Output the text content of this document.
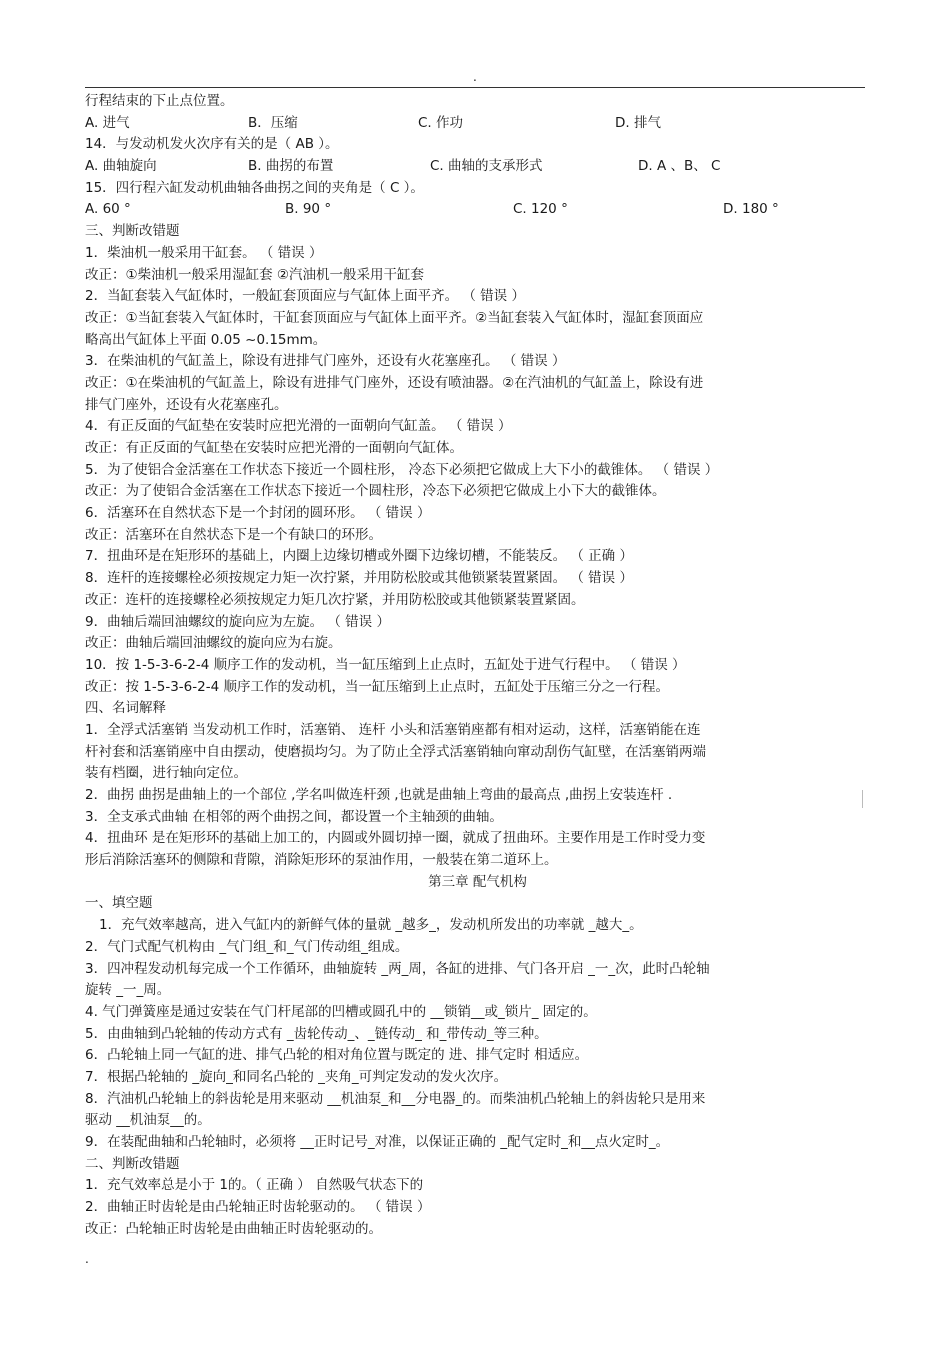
.
行程结束的下止点位置。
A. 进气	B．压缩	C. 作功	D. 排气
14．与发动机发火次序有关的是（ AB ）。
A. 曲轴旋向	B. 曲拐的布置	C. 曲轴的支承形式	D. A 、B、 C
15．四行程六缸发动机曲轴各曲拐之间的夹角是（ C ）。
A. 60 °	B. 90 °	C. 120 °	D. 180 °
三、判断改错题
1．柴油机一般采用干缸套。 （ 错误 ）
改正：①柴油机一般采用湿缸套 ②汽油机一般采用干缸套
2．当缸套装入气缸体时，一般缸套顶面应与气缸体上面平齐。 （ 错误 ）
改正：①当缸套装入气缸体时，干缸套顶面应与气缸体上面平齐。②当缸套装入气缸体时，湿缸套顶面应
略高出气缸体上平面 0.05 ~0.15mm。
3．在柴油机的气缸盖上，除设有进排气门座外，还设有火花塞座孔。 （ 错误 ）
改正：①在柴油机的气缸盖上，除设有进排气门座外，还设有喷油器。②在汽油机的气缸盖上，除设有进
排气门座外，还设有火花塞座孔。
4．有正反面的气缸垫在安装时应把光滑的一面朝向气缸盖。 （ 错误 ）
改正：有正反面的气缸垫在安装时应把光滑的一面朝向气缸体。
5．为了使铝合金活塞在工作状态下接近一个圆柱形， 冷态下必须把它做成上大下小的截锥体。 （ 错误 ）
改正：为了使铝合金活塞在工作状态下接近一个圆柱形，冷态下必须把它做成上小下大的截锥体。
6．活塞环在自然状态下是一个封闭的圆环形。 （ 错误 ）
改正：活塞环在自然状态下是一个有缺口的环形。
7．扭曲环是在矩形环的基础上，内圈上边缘切槽或外圈下边缘切槽，不能装反。 （ 正确 ）
8．连杆的连接螺栓必须按规定力矩一次拧紧，并用防松胶或其他锁紧装置紧固。 （ 错误 ）
改正：连杆的连接螺栓必须按规定力矩几次拧紧，并用防松胶或其他锁紧装置紧固。
9．曲轴后端回油螺纹的旋向应为左旋。 （ 错误 ）
改正：曲轴后端回油螺纹的旋向应为右旋。
10．按 1-5-3-6-2-4 顺序工作的发动机，当一缸压缩到上止点时，五缸处于进气行程中。 （ 错误 ）
改正：按 1-5-3-6-2-4 顺序工作的发动机，当一缸压缩到上止点时，五缸处于压缩三分之一行程。
四、名词解释
1．全浮式活塞销 当发动机工作时，活塞销、 连杆 小头和活塞销座都有相对运动，这样，活塞销能在连
杆衬套和活塞销座中自由摆动，使磨损均匀。为了防止全浮式活塞销轴向窜动刮伤气缸壁，在活塞销两端
装有档圈，进行轴向定位。
2．曲拐 曲拐是曲轴上的一个部位 ,学名叫做连杆颈 ,也就是曲轴上弯曲的最高点 ,曲拐上安装连杆 .
3．全支承式曲轴 在相邻的两个曲拐之间，都设置一个主轴颈的曲轴。
4．扭曲环 是在矩形环的基础上加工的，内圆或外圆切掉一圈，就成了扭曲环。主要作用是工作时受力变
形后消除活塞环的侧隙和背隙，消除矩形环的泵油作用，一般装在第二道环上。
第三章 配气机构
一、填空题
1．充气效率越高，进入气缸内的新鲜气体的量就 _越多_，发动机所发出的功率就 _越大_。
2．气门式配气机构由 _气门组_和_气门传动组_组成。
3．四冲程发动机每完成一个工作循环，曲轴旋转 _两_周，各缸的进排、气门各开启 _一_次，此时凸轮轴
旋转 _一_周。
4. 气门弹簧座是通过安装在气门杆尾部的凹槽或圆孔中的 __锁销__或_锁片_ 固定的。
5．由曲轴到凸轮轴的传动方式有 _齿轮传动_、_链传动_ 和_带传动_等三种。
6．凸轮轴上同一气缸的进、排气凸轮的相对角位置与既定的 进、排气定时 相适应。
7．根据凸轮轴的 _旋向_和同名凸轮的 _夹角_可判定发动的发火次序。
8．汽油机凸轮轴上的斜齿轮是用来驱动 __机油泵_和__分电器_的。而柴油机凸轮轴上的斜齿轮只是用来
驱动 __机油泵__的。
9．在装配曲轴和凸轮轴时，必须将 __正时记号_对准，以保证正确的 _配气定时_和__点火定时_。
二、判断改错题
1．充气效率总是小于 1的。（ 正确 ） 自然吸气状态下的
2．曲轴正时齿轮是由凸轮轴正时齿轮驱动的。 （ 错误 ）
改正：凸轮轴正时齿轮是由曲轴正时齿轮驱动的。
.
